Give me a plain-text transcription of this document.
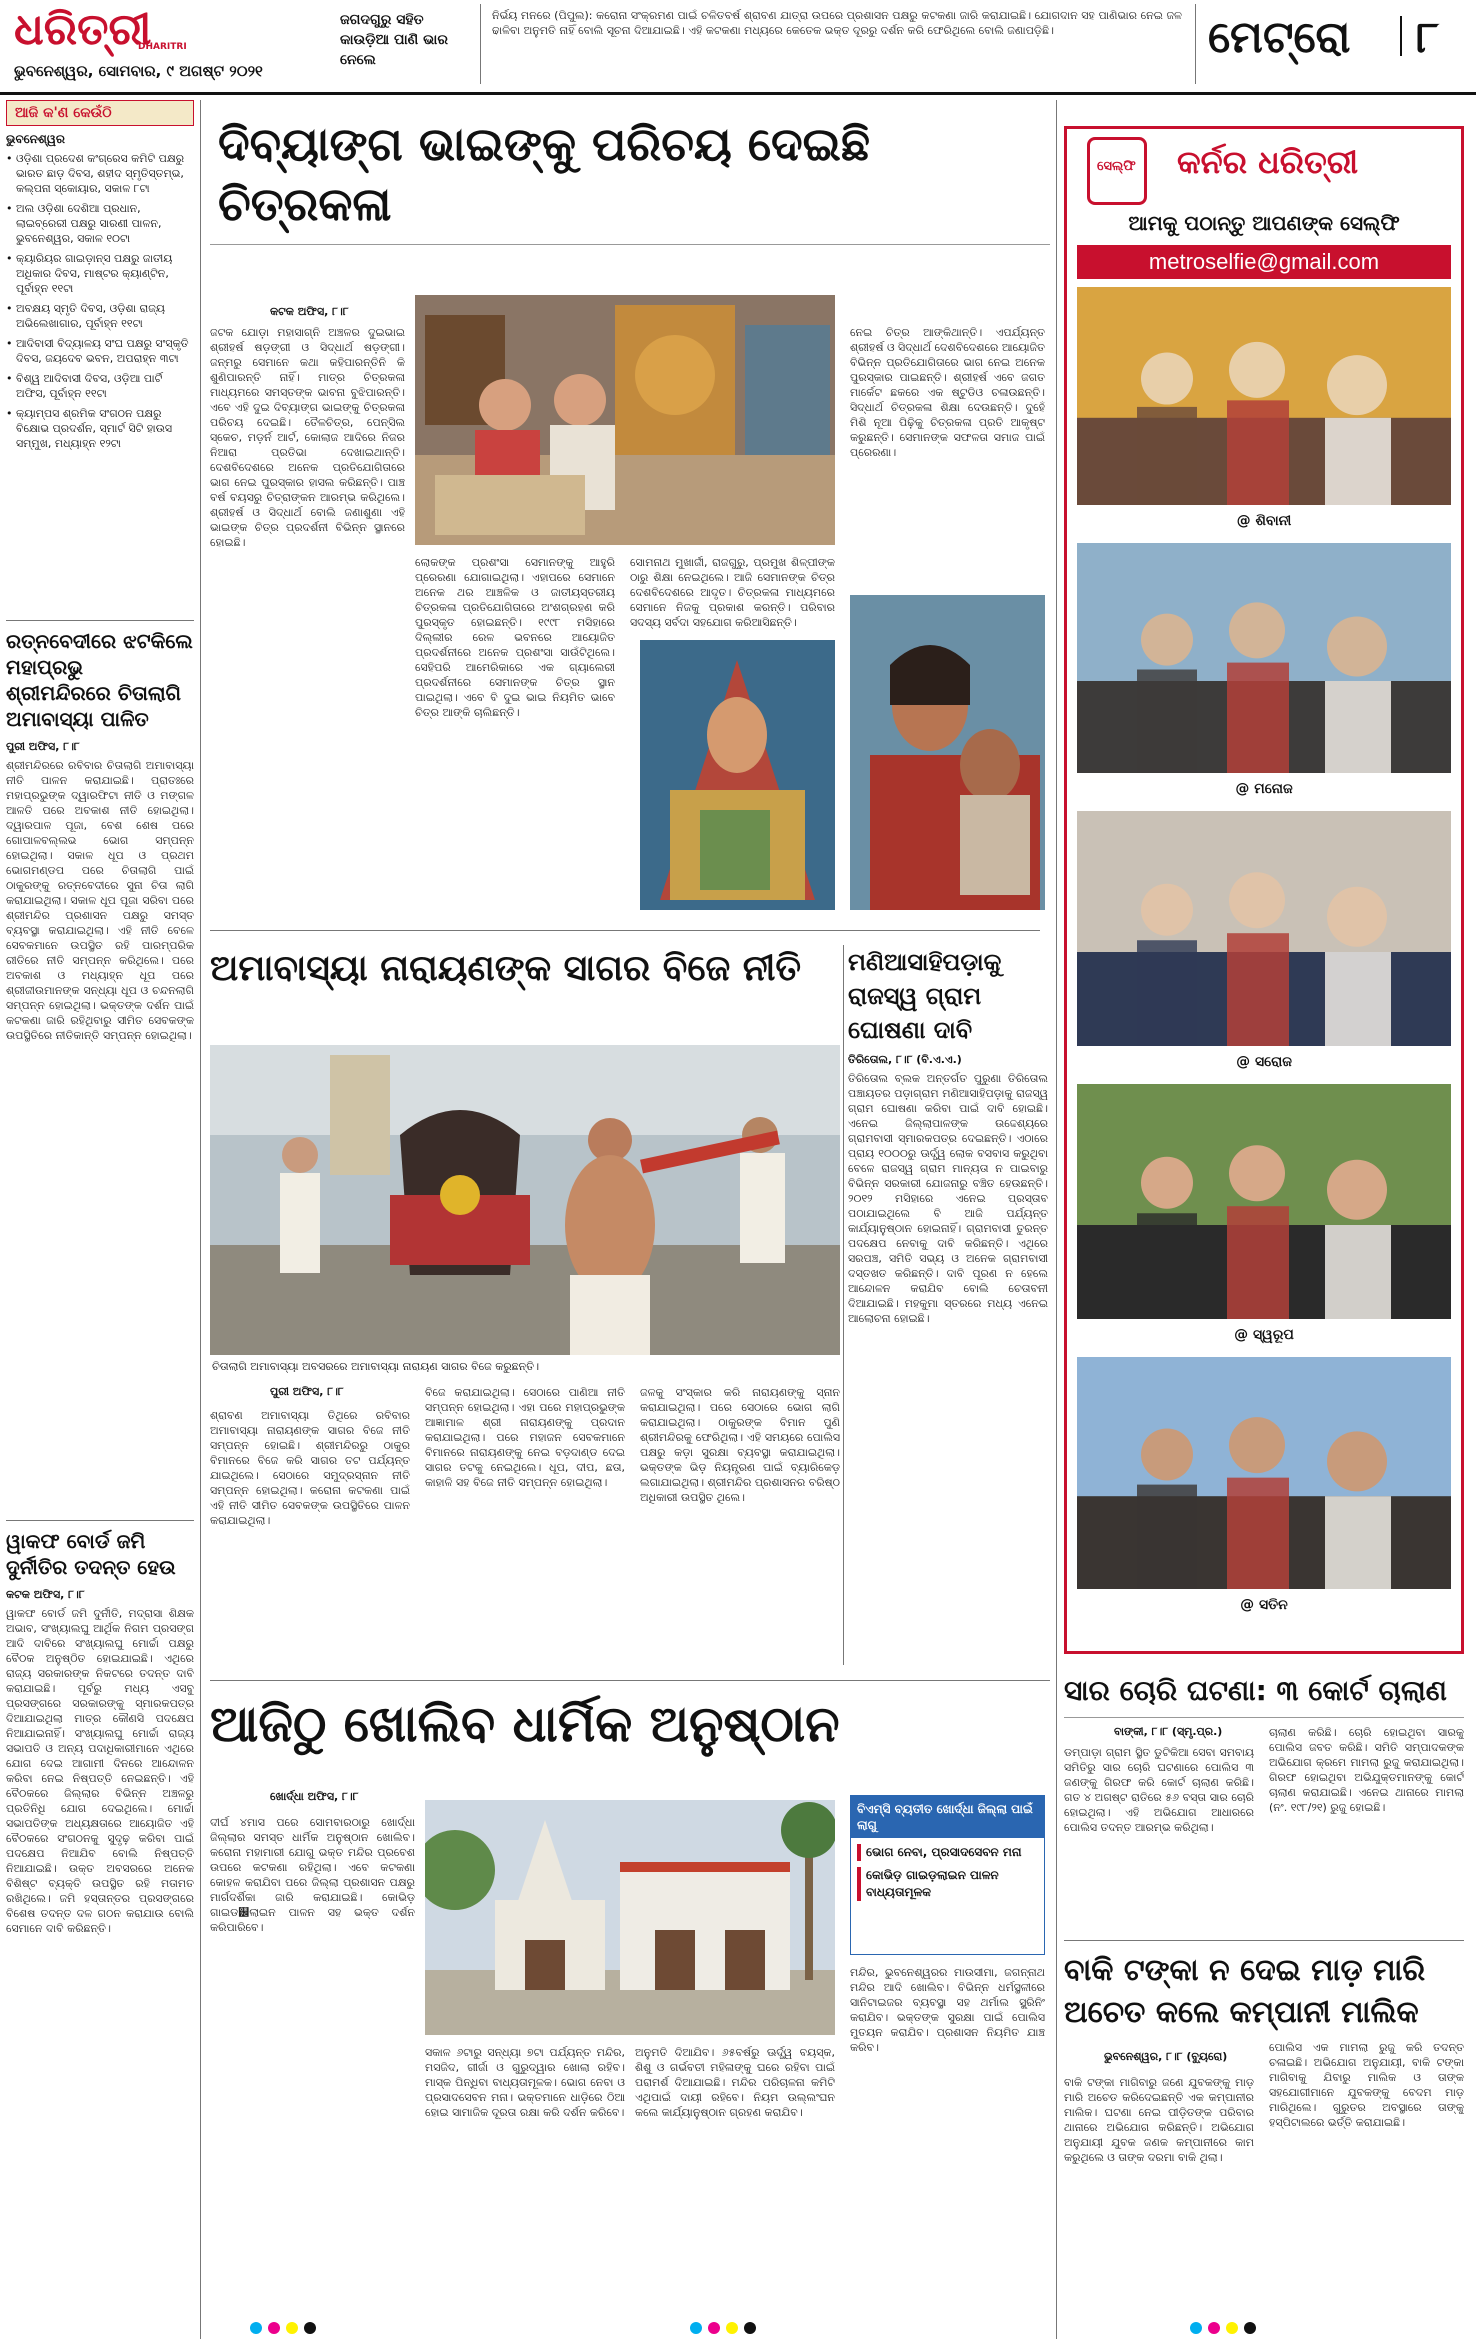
ଧରିତ୍ରୀ
DHARITRI
ଭୁବନେଶ୍ୱର, ସୋମବାର, ୯ ଅଗଷ୍ଟ ୨୦୨୧
ଜଗଦଗୁରୁ ସହିତ କାଉଡ଼ିଆ ପାଣି ଭାର ନେଲେ
ନିର୍ଭୟ ମନରେ (ପିପୁଲ): କରୋନା ସଂକ୍ରମଣ ପାଇଁ ଚଳିତବର୍ଷ ଶ୍ରାବଣ ଯାତ୍ରା ଉପରେ ପ୍ରଶାସନ ପକ୍ଷରୁ କଟକଣା ଜାରି କରାଯାଇଛି। ଯୋଗଦାନ ସହ ପାଣିଭାର ନେଇ ଜଳ ଢାଳିବା ଅନୁମତି ନାହିଁ ବୋଲି ସୂଚନା ଦିଆଯାଇଛି। ଏହି କଟକଣା ମଧ୍ୟରେ କେତେକ ଭକ୍ତ ଦୂରରୁ ଦର୍ଶନ କରି ଫେରିଥିଲେ ବୋଲି ଜଣାପଡ଼ିଛି।	ମେଟ୍ରୋ ୮
ଆଜି କ'ଣ କେଉଁଠି
ଭୁବନେଶ୍ୱର
• ଓଡ଼ିଶା ପ୍ରଦେଶ କଂଗ୍ରେସ କମିଟି ପକ୍ଷରୁ ଭାରତ ଛାଡ଼ ଦିବସ, ଶହୀଦ ସ୍ମୃତିସ୍ତମ୍ଭ, କଲ୍ପନା ସ୍କୋୟାର, ସକାଳ ୮ଟା
• ଅଲ ଓଡ଼ିଶା ଦେଶିଆ ପ୍ରଧାନ, ଲାଇବ୍ରେରୀ ପକ୍ଷରୁ ସାରଣୀ ପାଳନ, ଭୁବନେଶ୍ୱର, ସକାଳ ୧୦ଟା
• କ୍ୟାରିୟର ଗାଇଡ଼ାନ୍ସ ପକ୍ଷରୁ ଜାତୀୟ ଅଧିକାର ଦିବସ, ମାଷ୍ଟର କ୍ୟାଣ୍ଟିନ, ପୂର୍ବାହ୍ନ ୧୧ଟା
• ଅବକ୍ଷୟ ସ୍ମୃତି ଦିବସ, ଓଡ଼ିଶା ରାଜ୍ୟ ଅଭିଲେଖାଗାର, ପୂର୍ବାହ୍ନ ୧୧ଟା
• ଆଦିବାସୀ ବିଦ୍ୟାଳୟ ସଂଘ ପକ୍ଷରୁ ସଂସ୍କୃତି ଦିବସ, ଜୟଦେବ ଭବନ, ଅପରାହ୍ନ ୩ଟା
• ବିଶ୍ୱ ଆଦିବାସୀ ଦିବସ, ଓଡ଼ିଆ ପାର୍ଟି ଅଫିସ, ପୂର୍ବାହ୍ନ ୧୧ଟା
• କ୍ୟାମ୍ପସ ଶ୍ରମିକ ସଂଗଠନ ପକ୍ଷରୁ ବିକ୍ଷୋଭ ପ୍ରଦର୍ଶନ, ସ୍ମାର୍ଟ ସିଟି ହାଉସ ସମ୍ମୁଖ, ମଧ୍ୟାହ୍ନ ୧୨ଟା
ରତ୍ନବେଦୀରେ ଝଟକିଲେ ମହାପ୍ରଭୁ ଶ୍ରୀମନ୍ଦିରରେ ଚିତାଲାଗି ଅମାବାସ୍ୟା ପାଳିତ
ପୁରୀ ଅଫିସ, ୮।୮
ଶ୍ରୀମନ୍ଦିରରେ ରବିବାର ଚିତାଲାଗି ଅମାବାସ୍ୟା ନୀତି ପାଳନ କରାଯାଇଛି। ପ୍ରାତଃରେ ମହାପ୍ରଭୁଙ୍କ ଦ୍ୱାରଫିଟା ନୀତି ଓ ମଙ୍ଗଳ ଆଳତି ପରେ ଅବକାଶ ନୀତି ହୋଇଥିଲା। ଦ୍ୱାରପାଳ ପୂଜା, ବେଶ ଶେଷ ପରେ ଗୋପାଳବଲ୍ଲଭ ଭୋଗ ସମ୍ପନ୍ନ ହୋଇଥିଲା। ସକାଳ ଧୂପ ଓ ପ୍ରଥମ ଭୋଗମଣ୍ଡପ ପରେ ଚିତାଲାଗି ପାଇଁ ଠାକୁରଙ୍କୁ ରତ୍ନବେଦୀରେ ସୁନା ଚିତା ଲାଗି କରାଯାଇଥିଲା। ସକାଳ ଧୂପ ପୂଜା ସରିବା ପରେ ଶ୍ରୀମନ୍ଦିର ପ୍ରଶାସନ ପକ୍ଷରୁ ସମସ୍ତ ବ୍ୟବସ୍ଥା କରାଯାଇଥିଲା। ଏହି ନୀତି ବେଳେ ସେବକମାନେ ଉପସ୍ଥିତ ରହି ପାରମ୍ପରିକ ରୀତିରେ ନୀତି ସମ୍ପନ୍ନ କରିଥିଲେ। ପରେ ଅବକାଶ ଓ ମଧ୍ୟାହ୍ନ ଧୂପ ପରେ ଶ୍ରୀଜୀଉମାନଙ୍କ ସନ୍ଧ୍ୟା ଧୂପ ଓ ଚନ୍ଦନଲାଗି ସମ୍ପନ୍ନ ହୋଇଥିଲା। ଭକ୍ତଙ୍କ ଦର୍ଶନ ପାଇଁ କଟକଣା ଜାରି ରହିଥିବାରୁ ସୀମିତ ସେବକଙ୍କ ଉପସ୍ଥିତିରେ ନୀତିକାନ୍ତି ସମ୍ପନ୍ନ ହୋଇଥିଲା।
ୱାକଫ ବୋର୍ଡ ଜମି ଦୁର୍ନୀତିର ତଦନ୍ତ ହେଉ
କଟକ ଅଫିସ, ୮।୮
ୱାକଫ ବୋର୍ଡ ଜମି ଦୁର୍ନୀତି, ମଦ୍ରାସା ଶିକ୍ଷକ ଅଭାବ, ସଂଖ୍ୟାଲଘୁ ଆର୍ଥିକ ନିଗମ ପ୍ରସଙ୍ଗ ଆଦି ଦାବିରେ ସଂଖ୍ୟାଲଘୁ ମୋର୍ଚ୍ଚା ପକ୍ଷରୁ ବୈଠକ ଅନୁଷ୍ଠିତ ହୋଇଯାଇଛି। ଏଥିରେ ରାଜ୍ୟ ସରକାରଙ୍କ ନିକଟରେ ତଦନ୍ତ ଦାବି କରାଯାଇଛି। ପୂର୍ବରୁ ମଧ୍ୟ ଏସବୁ ପ୍ରସଙ୍ଗରେ ସରକାରଙ୍କୁ ସ୍ମାରକପତ୍ର ଦିଆଯାଇଥିଲା ମାତ୍ର କୌଣସି ପଦକ୍ଷେପ ନିଆଯାଇନାହିଁ। ସଂଖ୍ୟାଲଘୁ ମୋର୍ଚ୍ଚା ରାଜ୍ୟ ସଭାପତି ଓ ଅନ୍ୟ ପଦାଧିକାରୀମାନେ ଏଥିରେ ଯୋଗ ଦେଇ ଆଗାମୀ ଦିନରେ ଆନ୍ଦୋଳନ କରିବା ନେଇ ନିଷ୍ପତ୍ତି ନେଇଛନ୍ତି। ଏହି ବୈଠକରେ ଜିଲ୍ଲାର ବିଭିନ୍ନ ଅଞ୍ଚଳରୁ ପ୍ରତିନିଧି ଯୋଗ ଦେଇଥିଲେ। ମୋର୍ଚ୍ଚା ସଭାପତିଙ୍କ ଅଧ୍ୟକ୍ଷତାରେ ଆୟୋଜିତ ଏହି ବୈଠକରେ ସଂଗଠନକୁ ସୁଦୃଢ଼ କରିବା ପାଇଁ ପଦକ୍ଷେପ ନିଆଯିବ ବୋଲି ନିଷ୍ପତ୍ତି ନିଆଯାଇଛି। ଉକ୍ତ ଅବସରରେ ଅନେକ ବିଶିଷ୍ଟ ବ୍ୟକ୍ତି ଉପସ୍ଥିତ ରହି ମତାମତ ରଖିଥିଲେ। ଜମି ହସ୍ତାନ୍ତର ପ୍ରସଙ୍ଗରେ ବିଶେଷ ତଦନ୍ତ ଦଳ ଗଠନ କରାଯାଉ ବୋଲି ସେମାନେ ଦାବି କରିଛନ୍ତି।
ଦିବ୍ୟାଙ୍ଗ ଭାଇଙ୍କୁ ପରିଚୟ ଦେଇଛି ଚିତ୍ରକଳା
କଟକ ଅଫିସ, ୮।୮
ଜଟକ ଯୋଡ଼ା ମହାସାଗ୍ନି ଅଞ୍ଚଳର ଦୁଇଭାଇ ଶ୍ରୀହର୍ଷ ଷଡ଼ଙ୍ଗୀ ଓ ସିଦ୍ଧାର୍ଥ ଷଡ଼ଙ୍ଗୀ। ଜନ୍ମରୁ ସେମାନେ କଥା କହିପାରନ୍ତିନି କି ଶୁଣିପାରନ୍ତି ନାହିଁ। ମାତ୍ର ଚିତ୍ରକଳା ମାଧ୍ୟମରେ ସମସ୍ତଙ୍କ ଭାବନା ବୁଝିପାରନ୍ତି। ଏବେ ଏହି ଦୁଇ ଦିବ୍ୟାଙ୍ଗ ଭାଇଙ୍କୁ ଚିତ୍ରକଳା ପରିଚୟ ଦେଇଛି। ତୈଳଚିତ୍ର, ପେନ୍ସିଲ ସ୍କେଚ, ମଡ଼ର୍ନ ଆର୍ଟ, କୋଲାଜ ଆଦିରେ ନିଜର ନିଆରା ପ୍ରତିଭା ଦେଖାଇଥାନ୍ତି। ଦେଶବିଦେଶରେ ଅନେକ ପ୍ରତିଯୋଗିତାରେ ଭାଗ ନେଇ ପୁରସ୍କାର ହାସଲ କରିଛନ୍ତି। ପାଞ୍ଚ ବର୍ଷ ବୟସରୁ ଚିତ୍ରାଙ୍କନ ଆରମ୍ଭ କରିଥିଲେ। ଶ୍ରୀହର୍ଷ ଓ ସିଦ୍ଧାର୍ଥ ବୋଲି ଜଣାଶୁଣା ଏହି ଭାଇଙ୍କ ଚିତ୍ର ପ୍ରଦର୍ଶନୀ ବିଭିନ୍ନ ସ୍ଥାନରେ ହୋଇଛି।
ନେଇ ଚିତ୍ର ଆଙ୍କିଥାନ୍ତି। ଏପର୍ଯ୍ୟନ୍ତ ଶ୍ରୀହର୍ଷ ଓ ସିଦ୍ଧାର୍ଥ ଦେଶବିଦେଶରେ ଆୟୋଜିତ ବିଭିନ୍ନ ପ୍ରତିଯୋଗିତାରେ ଭାଗ ନେଇ ଅନେକ ପୁରସ୍କାର ପାଇଛନ୍ତି। ଶ୍ରୀହର୍ଷ ଏବେ ଜଗତ ମାର୍କେଟ ଛକରେ ଏକ ଷ୍ଟୁଡିଓ ଚଳାଉଛନ୍ତି। ସିଦ୍ଧାର୍ଥ ଚିତ୍ରକଳା ଶିକ୍ଷା ଦେଉଛନ୍ତି। ଦୁହେଁ ମିଶି ନୂଆ ପିଢ଼ିକୁ ଚିତ୍ରକଳା ପ୍ରତି ଆକୃଷ୍ଟ କରୁଛନ୍ତି। ସେମାନଙ୍କ ସଫଳତା ସମାଜ ପାଇଁ ପ୍ରେରଣା।
ଲୋକଙ୍କ ପ୍ରଶଂସା ସେମାନଙ୍କୁ ଆହୁରି ପ୍ରେରଣା ଯୋଗାଇଥିଲା। ଏହାପରେ ସେମାନେ ଅନେକ ଥର ଆଞ୍ଚଳିକ ଓ ଜାତୀୟସ୍ତରୀୟ ଚିତ୍ରକଳା ପ୍ରତିଯୋଗିତାରେ ଅଂଶଗ୍ରହଣ କରି ପୁରସ୍କୃତ ହୋଇଛନ୍ତି। ୧୯୯୮ ମସିହାରେ ଦିଲ୍ଲୀର ରେଳ ଭବନରେ ଆୟୋଜିତ ପ୍ରଦର୍ଶନୀରେ ଅନେକ ପ୍ରଶଂସା ସାଉଁଟିଥିଲେ। ସେହିପରି ଆମେରିକାରେ ଏକ ଗ୍ୟାଲେରୀ ପ୍ରଦର୍ଶନୀରେ ସେମାନଙ୍କ ଚିତ୍ର ସ୍ଥାନ ପାଇଥିଲା। ଏବେ ବି ଦୁଇ ଭାଇ ନିୟମିତ ଭାବେ ଚିତ୍ର ଆଙ୍କି ଚାଲିଛନ୍ତି।
ସୋମନାଥ ମୁଖାର୍ଜୀ, ରାଜଗୁରୁ, ପ୍ରମୁଖ ଶିଳ୍ପୀଙ୍କ ଠାରୁ ଶିକ୍ଷା ନେଇଥିଲେ। ଆଜି ସେମାନଙ୍କ ଚିତ୍ର ଦେଶବିଦେଶରେ ଆଦୃତ। ଚିତ୍ରକଳା ମାଧ୍ୟମରେ ସେମାନେ ନିଜକୁ ପ୍ରକାଶ କରନ୍ତି। ପରିବାର ସଦସ୍ୟ ସର୍ବଦା ସହଯୋଗ କରିଆସିଛନ୍ତି।
ଅମାବାସ୍ୟା ନାରାୟଣଙ୍କ ସାଗର ବିଜେ ନୀତି
ଚିତାଲାଗି ଅମାବାସ୍ୟା ଅବସରରେ ଅମାବାସ୍ୟା ନାରାୟଣ ସାଗର ବିଜେ କରୁଛନ୍ତି।
ପୁରୀ ଅଫିସ, ୮।୮
ଶ୍ରାବଣ ଅମାବାସ୍ୟା ତିଥିରେ ରବିବାର ଅମାବାସ୍ୟା ନାରାୟଣଙ୍କ ସାଗର ବିଜେ ନୀତି ସମ୍ପନ୍ନ ହୋଇଛି। ଶ୍ରୀମନ୍ଦିରରୁ ଠାକୁର ବିମାନରେ ବିଜେ କରି ସାଗର ତଟ ପର୍ଯ୍ୟନ୍ତ ଯାଇଥିଲେ। ସେଠାରେ ସମୁଦ୍ରସ୍ନାନ ନୀତି ସମ୍ପନ୍ନ ହୋଇଥିଲା। କରୋନା କଟକଣା ପାଇଁ ଏହି ନୀତି ସୀମିତ ସେବକଙ୍କ ଉପସ୍ଥିତିରେ ପାଳନ କରାଯାଇଥିଲା।
ବିଜେ କରାଯାଇଥିଲା। ସେଠାରେ ପାଣିଆ ନୀତି ସମ୍ପନ୍ନ ହୋଇଥିଲା। ଏହା ପରେ ମହାପ୍ରଭୁଙ୍କ ଆଜ୍ଞାମାଳ ଶ୍ରୀ ନାରାୟଣଙ୍କୁ ପ୍ରଦାନ କରାଯାଇଥିଲା। ପରେ ମହାଜନ ସେବକମାନେ ବିମାନରେ ନାରାୟଣଙ୍କୁ ନେଇ ବଡ଼ଦାଣ୍ଡ ଦେଇ ସାଗର ତଟକୁ ନେଇଥିଲେ। ଧୂପ, ଦୀପ, ଛତା, କାହାଳି ସହ ବିଜେ ନୀତି ସମ୍ପନ୍ନ ହୋଇଥିଲା।
ଜଳକୁ ସଂସ୍କାର କରି ନାରାୟଣଙ୍କୁ ସ୍ନାନ କରାଯାଇଥିଲା। ପରେ ସେଠାରେ ଭୋଗ ଲାଗି କରାଯାଇଥିଲା। ଠାକୁରଙ୍କ ବିମାନ ପୁଣି ଶ୍ରୀମନ୍ଦିରକୁ ଫେରିଥିଲା। ଏହି ସମୟରେ ପୋଲିସ ପକ୍ଷରୁ କଡ଼ା ସୁରକ୍ଷା ବ୍ୟବସ୍ଥା କରାଯାଇଥିଲା। ଭକ୍ତଙ୍କ ଭିଡ଼ ନିୟନ୍ତ୍ରଣ ପାଇଁ ବ୍ୟାରିକେଡ଼ ଲଗାଯାଇଥିଲା। ଶ୍ରୀମନ୍ଦିର ପ୍ରଶାସନର ବରିଷ୍ଠ ଅଧିକାରୀ ଉପସ୍ଥିତ ଥିଲେ।
ମଣିଆସାହିପଡ଼ାକୁ ରାଜସ୍ୱ ଗ୍ରାମ ଘୋଷଣା ଦାବି
ତିରିତୋଲ, ୮।୮ (ବି.ଏ.ଏ.)
ତିରିତୋଲ ବ୍ଲକ ଅନ୍ତର୍ଗତ ପୁରୁଣା ତିରିତୋଲ ପଞ୍ଚାୟତର ପଡ଼ାଗ୍ରାମ ମଣିଆସାହିପଡ଼ାକୁ ରାଜସ୍ୱ ଗ୍ରାମ ଘୋଷଣା କରିବା ପାଇଁ ଦାବି ହୋଇଛି। ଏନେଇ ଜିଲ୍ଲାପାଳଙ୍କ ଉଦ୍ଦେଶ୍ୟରେ ଗ୍ରାମବାସୀ ସ୍ମାରକପତ୍ର ଦେଇଛନ୍ତି। ଏଠାରେ ପ୍ରାୟ ୧୦୦୦ରୁ ଊର୍ଦ୍ଧ୍ୱ ଲୋକ ବସବାସ କରୁଥିବା ବେଳେ ରାଜସ୍ୱ ଗ୍ରାମ ମାନ୍ୟତା ନ ପାଇବାରୁ ବିଭିନ୍ନ ସରକାରୀ ଯୋଜନାରୁ ବଞ୍ଚିତ ହେଉଛନ୍ତି। ୨୦୧୨ ମସିହାରେ ଏନେଇ ପ୍ରସ୍ତାବ ପଠାଯାଇଥିଲେ ବି ଆଜି ପର୍ଯ୍ୟନ୍ତ କାର୍ଯ୍ୟାନୁଷ୍ଠାନ ହୋଇନାହିଁ। ଗ୍ରାମବାସୀ ତୁରନ୍ତ ପଦକ୍ଷେପ ନେବାକୁ ଦାବି କରିଛନ୍ତି। ଏଥିରେ ସରପଞ୍ଚ, ସମିତି ସଭ୍ୟ ଓ ଅନେକ ଗ୍ରାମବାସୀ ଦସ୍ତଖତ କରିଛନ୍ତି। ଦାବି ପୂରଣ ନ ହେଲେ ଆନ୍ଦୋଳନ କରାଯିବ ବୋଲି ଚେତାବନୀ ଦିଆଯାଇଛି। ମହକୁମା ସ୍ତରରେ ମଧ୍ୟ ଏନେଇ ଆଲୋଚନା ହୋଇଛି।
ଆଜିଠୁ ଖୋଲିବ ଧାର୍ମିକ ଅନୁଷ୍ଠାନ
ଖୋର୍ଦ୍ଧା ଅଫିସ, ୮।୮
ଦୀର୍ଘ ୪ମାସ ପରେ ସୋମବାରଠାରୁ ଖୋର୍ଦ୍ଧା ଜିଲ୍ଲାର ସମସ୍ତ ଧାର୍ମିକ ଅନୁଷ୍ଠାନ ଖୋଲିବ। କରୋନା ମହାମାରୀ ଯୋଗୁ ଭକ୍ତ ମନ୍ଦିର ପ୍ରବେଶ ଉପରେ କଟକଣା ରହିଥିଲା। ଏବେ କଟକଣା କୋହଳ କରାଯିବା ପରେ ଜିଲ୍ଲା ପ୍ରଶାସନ ପକ୍ଷରୁ ମାର୍ଗଦର୍ଶିକା ଜାରି କରାଯାଇଛି। କୋଭିଡ଼ ଗାଇଡ୼ଲାଇନ ପାଳନ ସହ ଭକ୍ତ ଦର୍ଶନ କରିପାରିବେ।
ସକାଳ ୬ଟାରୁ ସନ୍ଧ୍ୟା ୭ଟା ପର୍ଯ୍ୟନ୍ତ ମନ୍ଦିର, ମସଜିଦ, ଗୀର୍ଜା ଓ ଗୁରୁଦ୍ୱାର ଖୋଲା ରହିବ। ମାସ୍କ ପିନ୍ଧିବା ବାଧ୍ୟତାମୂଳକ। ଭୋଗ ନେବା ଓ ପ୍ରସାଦସେବନ ମନା। ଭକ୍ତମାନେ ଧାଡ଼ିରେ ଠିଆ ହୋଇ ସାମାଜିକ ଦୂରତା ରକ୍ଷା କରି ଦର୍ଶନ କରିବେ।
ଅନୁମତି ଦିଆଯିବ। ୬୫ବର୍ଷରୁ ଊର୍ଦ୍ଧ୍ୱ ବୟସ୍କ, ଶିଶୁ ଓ ଗର୍ଭବତୀ ମହିଳାଙ୍କୁ ଘରେ ରହିବା ପାଇଁ ପରାମର୍ଶ ଦିଆଯାଇଛି। ମନ୍ଦିର ପରିଚାଳନା କମିଟି ଏଥିପାଇଁ ଦାୟୀ ରହିବେ। ନିୟମ ଉଲ୍ଲଂଘନ କଲେ କାର୍ଯ୍ୟାନୁଷ୍ଠାନ ଗ୍ରହଣ କରାଯିବ।
ବିଏମ୍‌ସି ବ୍ୟତୀତ ଖୋର୍ଦ୍ଧା ଜିଲ୍ଲା ପାଇଁ ଲାଗୁ
ଭୋଗ ନେବା, ପ୍ରସାଦସେବନ ମନା
କୋଭିଡ଼ ଗାଇଡ଼ଲାଇନ ପାଳନ ବାଧ୍ୟତାମୂଳକ
ମନ୍ଦିର, ଭୁବନେଶ୍ୱରର ମାଉସୀମା, ଜଗନ୍ନାଥ ମନ୍ଦିର ଆଦି ଖୋଲିବ। ବିଭିନ୍ନ ଧର୍ମସ୍ଥଳୀରେ ସାନିଟାଇଜର ବ୍ୟବସ୍ଥା ସହ ଥର୍ମାଲ ସ୍କ୍ରିନିଂ କରାଯିବ। ଭକ୍ତଙ୍କ ସୁରକ୍ଷା ପାଇଁ ପୋଲିସ ମୁତୟନ କରାଯିବ। ପ୍ରଶାସନ ନିୟମିତ ଯାଞ୍ଚ କରିବ।
ସେଲ୍ଫି କର୍ନର ଧରିତ୍ରୀ
ଆମକୁ ପଠାନ୍ତୁ ଆପଣଙ୍କ ସେଲ୍ଫି
metroselfie@gmail.com
@ ଶିବାନୀ
@ ମନୋଜ
@ ସରୋଜ
@ ସ୍ୱରୂପ
@ ସତିନ
ସାର ଚୋରି ଘଟଣା: ୩ କୋର୍ଟ ଚାଲାଣ
ବାଙ୍କୀ, ୮।୮ (ସ୍ମୃ.ପ୍ର.)
ଡମ୍ପାଡ଼ା ଗ୍ରାମ ସ୍ଥିତ ଡୁଟିକିଆ ସେବା ସମବାୟ ସମିତିରୁ ସାର ଚୋରି ଘଟଣାରେ ପୋଲିସ ୩ ଜଣଙ୍କୁ ଗିରଫ କରି କୋର୍ଟ ଚାଲାଣ କରିଛି। ଗତ ୪ ଅଗଷ୍ଟ ରାତିରେ ୫୬ ବସ୍ତା ସାର ଚୋରି ହୋଇଥିଲା। ଏହି ଅଭିଯୋଗ ଆଧାରରେ ପୋଲିସ ତଦନ୍ତ ଆରମ୍ଭ କରିଥିଲା।
ଚାଲାଣ କରିଛି। ଚୋରି ହୋଇଥିବା ସାରକୁ ପୋଲିସ ଜବତ କରିଛି। ସମିତି ସମ୍ପାଦକଙ୍କ ଅଭିଯୋଗ କ୍ରମେ ମାମଲା ରୁଜୁ କରାଯାଇଥିଲା। ଗିରଫ ହୋଇଥିବା ଅଭିଯୁକ୍ତମାନଙ୍କୁ କୋର୍ଟ ଚାଲାଣ କରାଯାଇଛି। ଏନେଇ ଥାନାରେ ମାମଲା (ନଂ. ୧୯୮/୨୧) ରୁଜୁ ହୋଇଛି।
ବାକି ଟଙ୍କା ନ ଦେଇ ମାଡ଼ ମାରି ଅଚେତ କଲେ କମ୍ପାନୀ ମାଲିକ
ଭୁବନେଶ୍ୱର, ୮।୮ (ବ୍ୟୁରୋ)
ବାକି ଟଙ୍କା ମାଗିବାରୁ ଜଣେ ଯୁବକଙ୍କୁ ମାଡ଼ ମାରି ଅଚେତ କରିଦେଇଛନ୍ତି ଏକ କମ୍ପାନୀର ମାଲିକ। ଘଟଣା ନେଇ ପୀଡ଼ିତଙ୍କ ପରିବାର ଥାନାରେ ଅଭିଯୋଗ କରିଛନ୍ତି। ଅଭିଯୋଗ ଅନୁଯାୟୀ ଯୁବକ ଜଣକ କମ୍ପାନୀରେ କାମ କରୁଥିଲେ ଓ ତାଙ୍କ ଦରମା ବାକି ଥିଲା।
ପୋଲିସ ଏକ ମାମଲା ରୁଜୁ କରି ତଦନ୍ତ ଚଳାଇଛି। ଅଭିଯୋଗ ଅନୁଯାୟୀ, ବାକି ଟଙ୍କା ମାଗିବାକୁ ଯିବାରୁ ମାଲିକ ଓ ତାଙ୍କ ସହଯୋଗୀମାନେ ଯୁବକଙ୍କୁ ବେଦମ ମାଡ଼ ମାରିଥିଲେ। ଗୁରୁତର ଅବସ୍ଥାରେ ତାଙ୍କୁ ହସ୍ପିଟାଲରେ ଭର୍ତ୍ତି କରାଯାଇଛି।
